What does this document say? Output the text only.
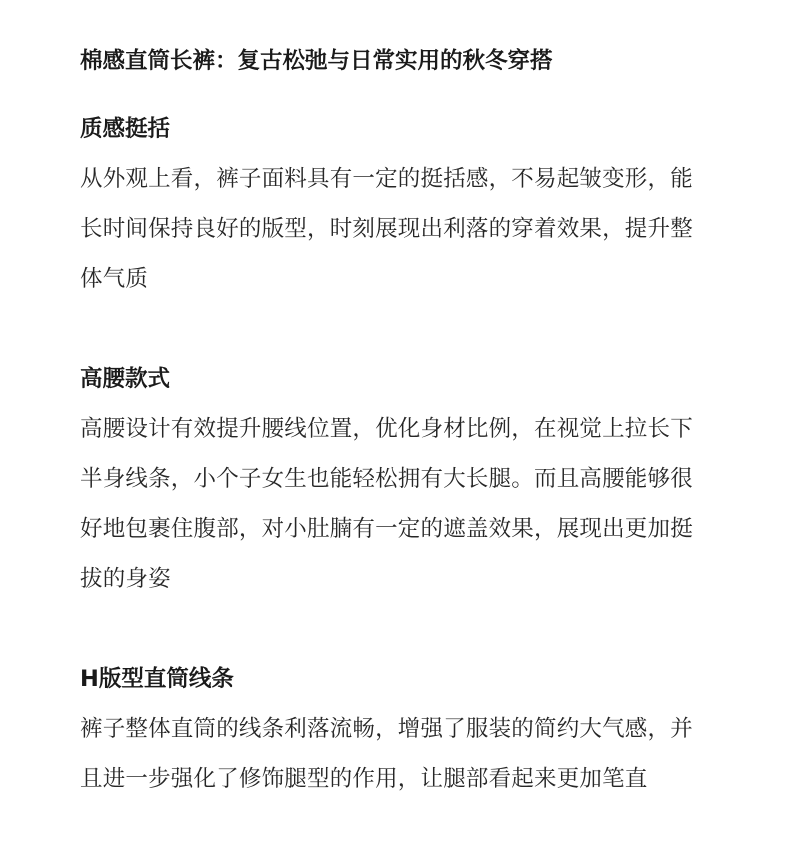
棉感直筒长裤：复古松弛与日常实用的秋冬穿搭
质感挺括

从外观上看，裤子面料具有一定的挺括感，不易起皱变形，能长时间保持良好的版型，时刻展现出利落的穿着效果，提升整体气质

高腰款式

高腰设计有效提升腰线位置，优化身材比例，在视觉上拉长下半身线条，小个子女生也能轻松拥有大长腿。而且高腰能够很好地包裹住腹部，对小肚腩有一定的遮盖效果，展现出更加挺拔的身姿

H版型直筒线条

裤子整体直筒的线条利落流畅，增强了服装的简约大气感，并且进一步强化了修饰腿型的作用，让腿部看起来更加笔直
